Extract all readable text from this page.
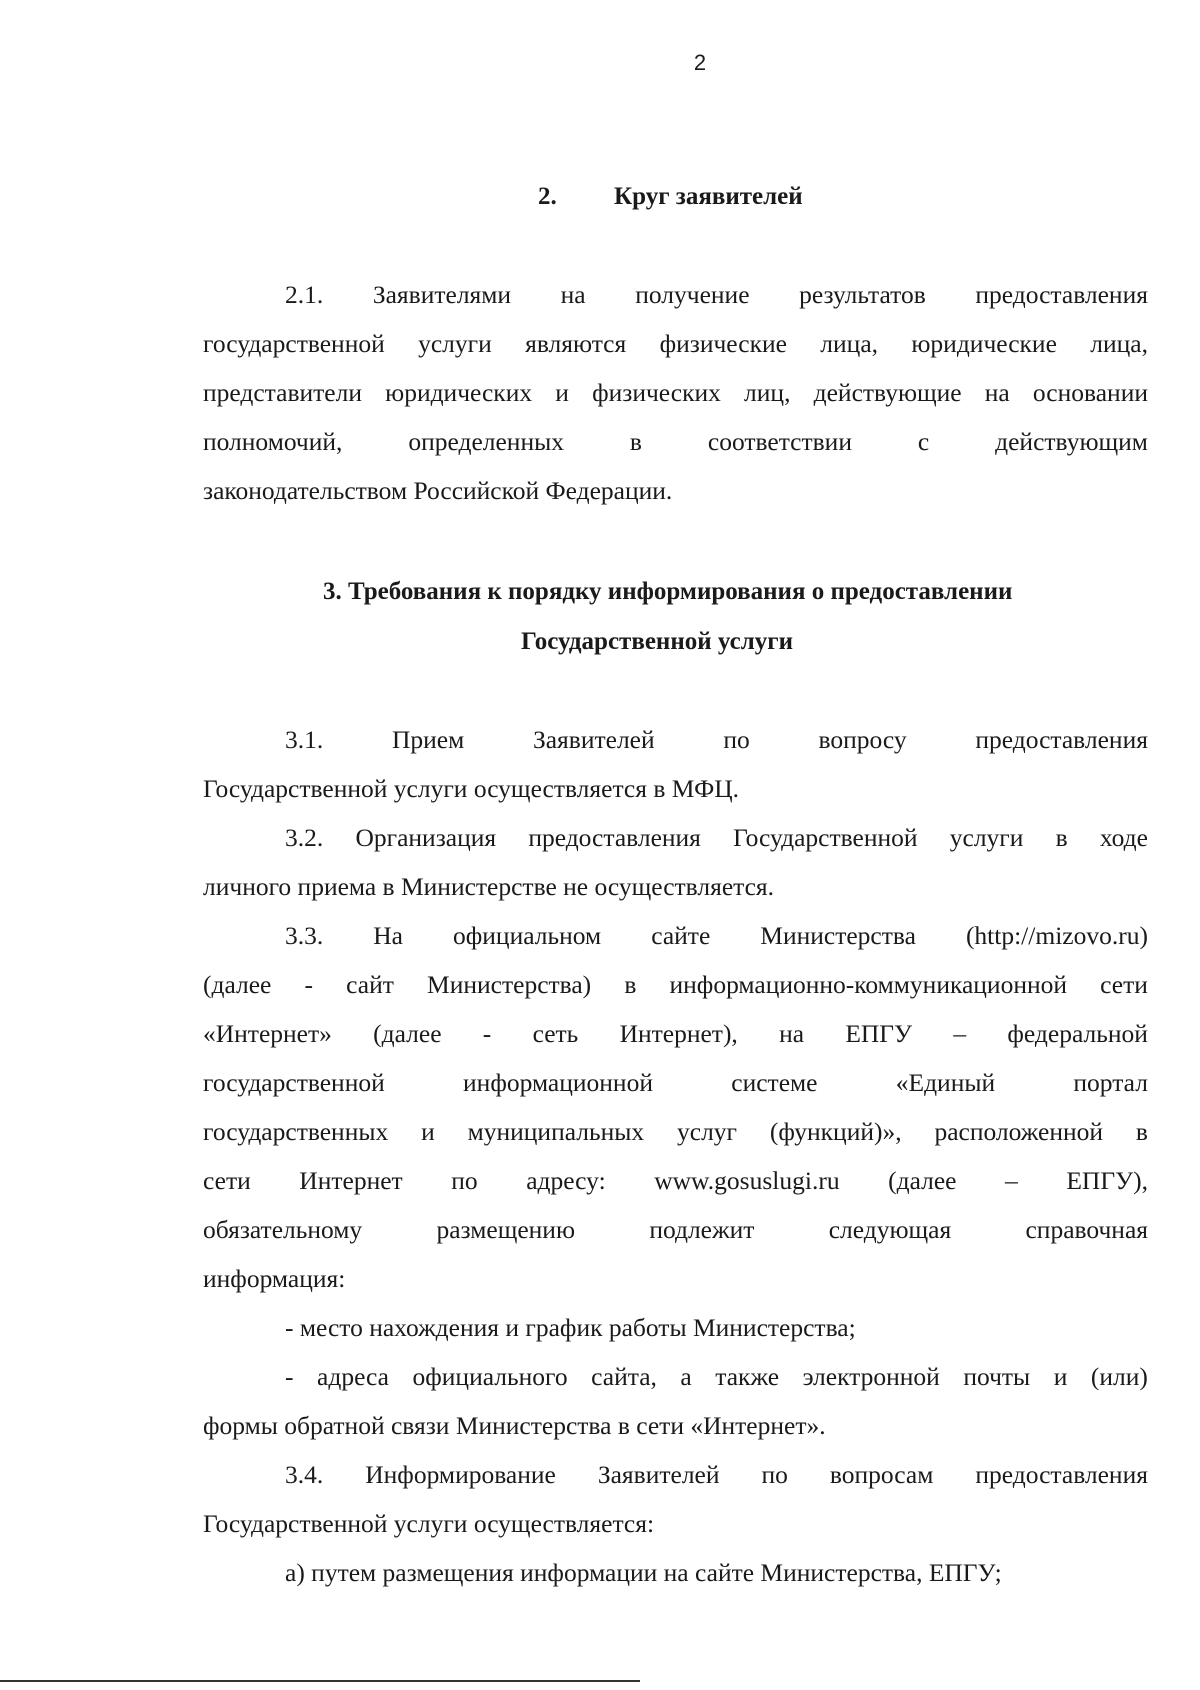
2
2. Круг заявителей
2.1. Заявителями на получение результатов предоставления
государственной услуги являются физические лица, юридические лица,
представители юридических и физических лиц, действующие на основании
полномочий,	определенных	в	соответствии	с	действующим
законодательством Российской Федерации.
3. Требования к порядку информирования о предоставлении
Государственной услуги
3.1.	Прием	Заявителей	по	вопросу	предоставления
Государственной услуги осуществляется в МФЦ.
3.2. Организация предоставления Государственной услуги в ходе
личного приема в Министерстве не осуществляется.
3.3. На официальном сайте Министерства (http://mizovo.ru)
(далее - сайт Министерства) в информационно-коммуникационной сети
«Интернет» (далее - сеть Интернет), на ЕПГУ – федеральной
государственной	информационной	системе	«Единый	портал
государственных и муниципальных услуг (функций)», расположенной в
сети Интернет по адресу: www.gosuslugi.ru (далее – ЕПГУ),
обязательному	размещению	подлежит	следующая	справочная
информация:
- место нахождения и график работы Министерства;
- адреса официального сайта, а также электронной почты и (или)
формы обратной связи Министерства в сети «Интернет».
3.4. Информирование Заявителей по вопросам предоставления
Государственной услуги осуществляется:
а) путем размещения информации на сайте Министерства, ЕПГУ;
